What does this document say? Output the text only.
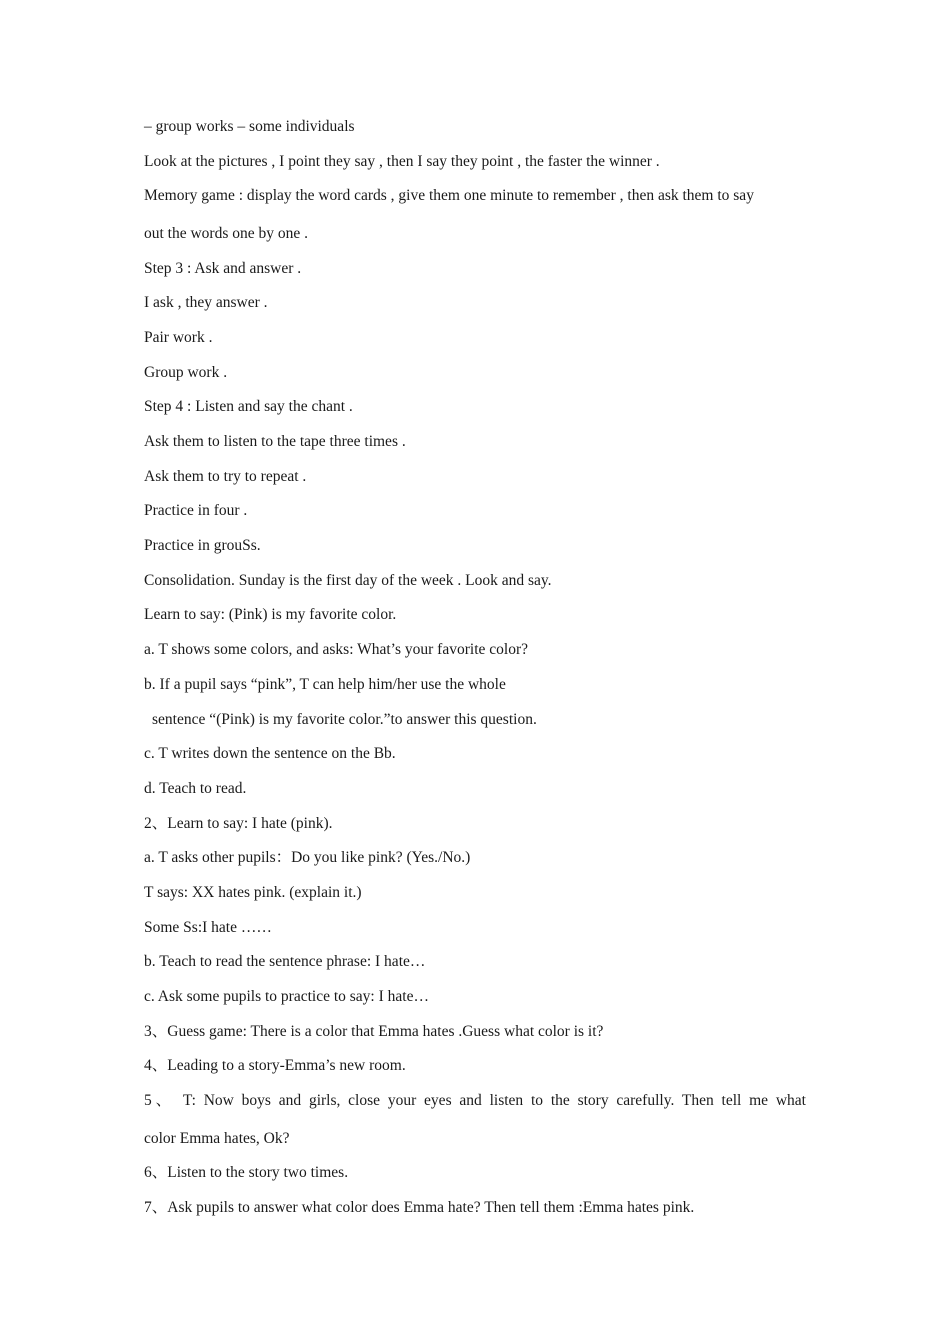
– group works – some individuals
Look at the pictures , I point they say , then I say they point , the faster the winner .
Memory game : display the word cards , give them one minute to remember , then ask them to say
out the words one by one .
Step 3 : Ask and answer .
I ask , they answer .
Pair work .
Group work .
Step 4 : Listen and say the chant .
Ask them to listen to the tape three times .
Ask them to try to repeat .
Practice in four .
Practice in grouSs.
Consolidation. Sunday is the first day of the week . Look and say.
Learn to say: (Pink) is my favorite color.
a. T shows some colors, and asks: What’s your favorite color?
b. If a pupil says “pink”, T can help him/her use the whole
sentence “(Pink) is my favorite color.”to answer this question.
c. T writes down the sentence on the Bb.
d. Teach to read.
2、Learn to say: I hate (pink).
a. T asks other pupils：Do you like pink? (Yes./No.)
T says: XX hates pink. (explain it.)
Some Ss:I hate ……
b. Teach to read the sentence phrase: I hate…
c. Ask some pupils to practice to say: I hate…
3、Guess game: There is a color that Emma hates .Guess what color is it?
4、Leading to a story-Emma’s new room.
5、 T: Now boys and girls, close your eyes and listen to the story carefully. Then tell me what
color Emma hates, Ok?
6、Listen to the story two times.
7、Ask pupils to answer what color does Emma hate? Then tell them :Emma hates pink.
